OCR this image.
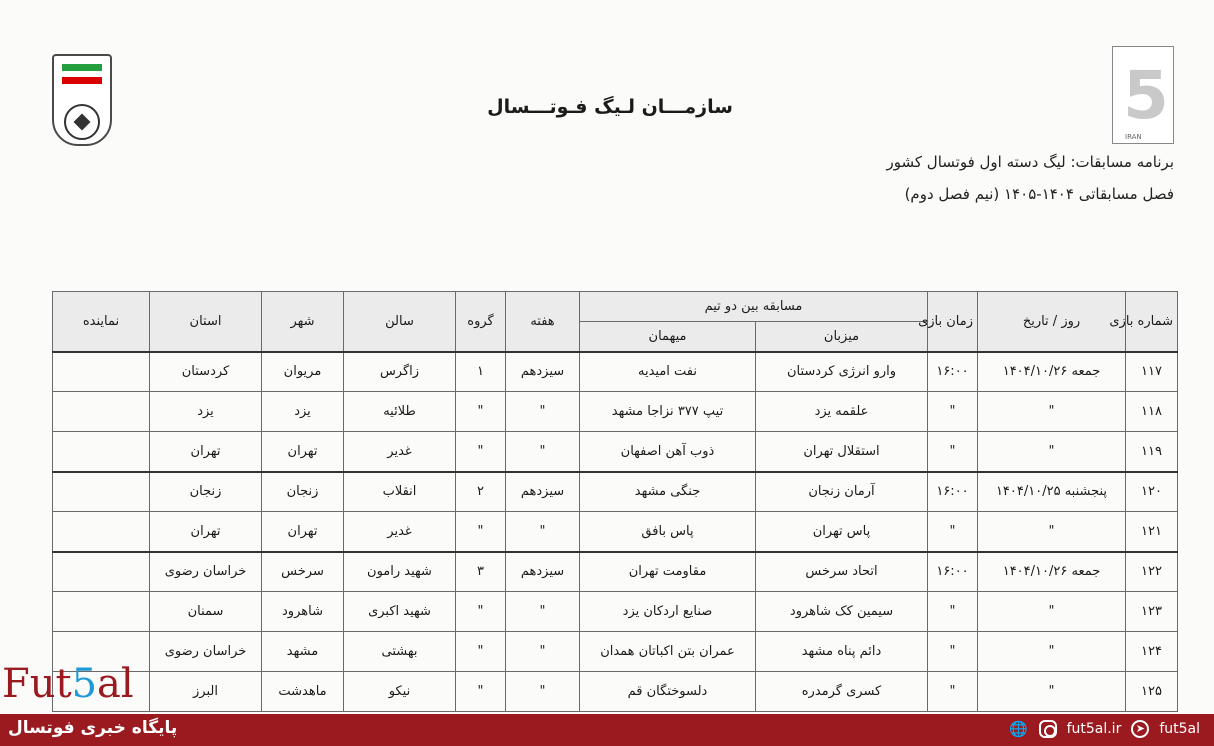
5
IRAN
سازمـــان لـیگ فـوتـــسال
برنامه مسابقات: لیگ دسته اول فوتسال کشور
فصل مسابقاتی ۱۴۰۴-۱۴۰۵ (نیم فصل دوم)
شماره بازی	روز / تاریخ	زمان بازی	مسابقه بین دو تیم		هفته	گروه	سالن	شهر	استان	نماینده
			میزبان	میهمان						
۱۱۷	جمعه ۱۴۰۴/۱۰/۲۶	۱۶:۰۰	وارو انرژی کردستان	نفت امیدیه	سیزدهم	۱	زاگرس	مریوان	کردستان	
۱۱۸	"	"	علقمه یزد	تیپ ۳۷۷ نزاجا مشهد	"	"	طلائیه	یزد	یزد	
۱۱۹	"	"	استقلال تهران	ذوب آهن اصفهان	"	"	غدیر	تهران	تهران	
۱۲۰	پنجشنبه ۱۴۰۴/۱۰/۲۵	۱۶:۰۰	آرمان زنجان	جنگی مشهد	سیزدهم	۲	انقلاب	زنجان	زنجان	
۱۲۱	"	"	پاس تهران	پاس بافق	"	"	غدیر	تهران	تهران	
۱۲۲	جمعه ۱۴۰۴/۱۰/۲۶	۱۶:۰۰	اتحاد سرخس	مقاومت تهران	سیزدهم	۳	شهید رامون	سرخس	خراسان رضوی	
۱۲۳	"	"	سیمین کک شاهرود	صنایع اردکان یزد	"	"	شهید اکبری	شاهرود	سمنان	
۱۲۴	"	"	دائم پناه مشهد	عمران بتن اکباتان همدان	"	"	بهشتی	مشهد	خراسان رضوی	
۱۲۵	"	"	کسری گرمدره	دلسوختگان قم	"	"	نیکو	ماهدشت	البرز	
Fut5al
پایگاه خبری فوتسال	🌐	fut5al.ir	➤	fut5al
